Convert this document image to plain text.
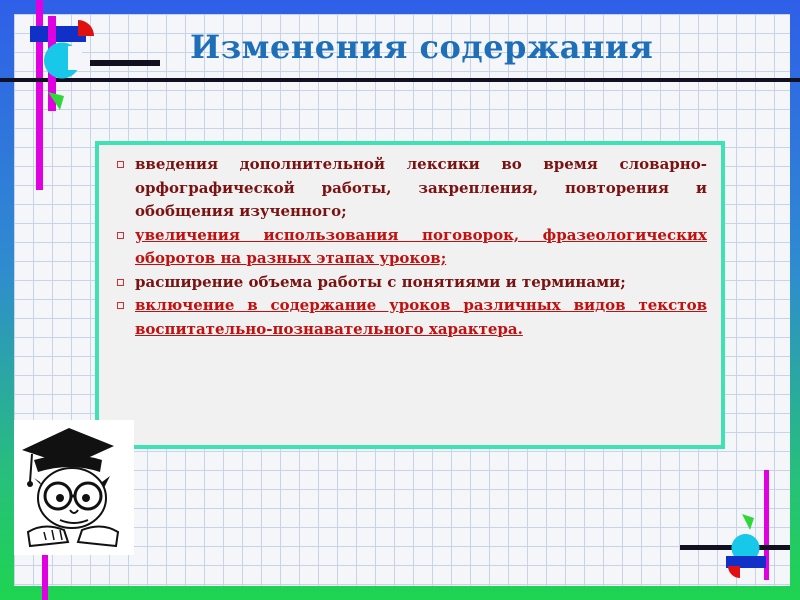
Изменения содержания
введения дополнительной лексики во время словарно-орфографической работы, закрепления, повторения и обобщения изученного;
увеличения использования поговорок, фразеологических оборотов на разных этапах уроков;
расширение объема работы с понятиями и терминами;
включение в содержание уроков различных видов текстов воспитательно-познавательного характера.
